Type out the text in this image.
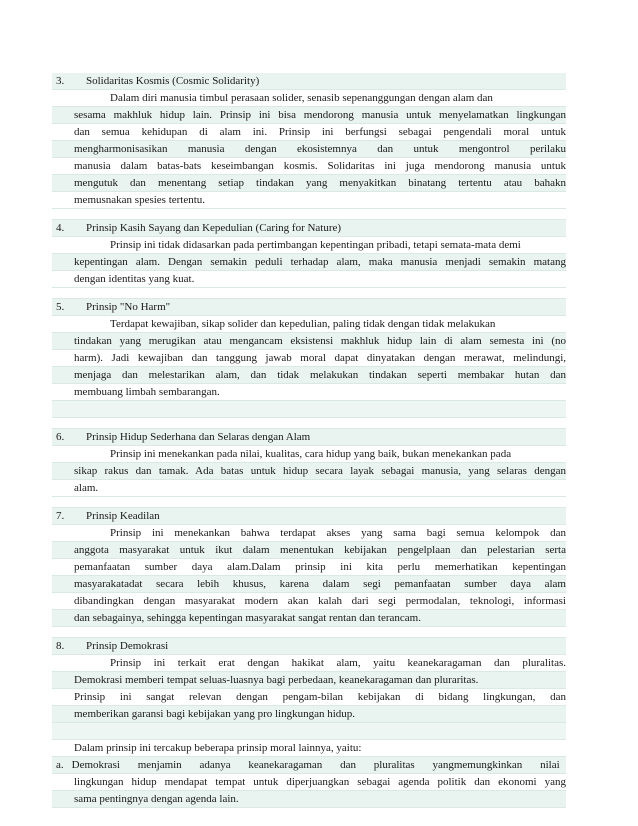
3. Solidaritas Kosmis (Cosmic Solidarity)
Dalam diri manusia timbul perasaan solider, senasib sepenanggungan dengan alam dan
sesama makhluk hidup lain. Prinsip ini bisa mendorong manusia untuk menyelamatkan lingkungan
dan semua kehidupan di alam ini. Prinsip ini berfungsi sebagai pengendali moral untuk
mengharmonisasikan manusia dengan ekosistemnya dan untuk mengontrol perilaku
manusia dalam batas-bats keseimbangan kosmis. Solidaritas ini juga mendorong manusia untuk
mengutuk dan menentang setiap tindakan yang menyakitkan binatang tertentu atau bahakn
memusnakan spesies tertentu.
4. Prinsip Kasih Sayang dan Kepedulian (Caring for Nature)
Prinsip ini tidak didasarkan pada pertimbangan kepentingan pribadi, tetapi semata-mata demi
kepentingan alam. Dengan semakin peduli terhadap alam, maka manusia menjadi semakin matang
dengan identitas yang kuat.
5. Prinsip "No Harm"
Terdapat kewajiban, sikap solider dan kepedulian, paling tidak dengan tidak melakukan
tindakan yang merugikan atau mengancam eksistensi makhluk hidup lain di alam semesta ini (no
harm). Jadi kewajiban dan tanggung jawab moral dapat dinyatakan dengan merawat, melindungi,
menjaga dan melestarikan alam, dan tidak melakukan tindakan seperti membakar hutan dan
membuang limbah sembarangan.
6. Prinsip Hidup Sederhana dan Selaras dengan Alam
Prinsip ini menekankan pada nilai, kualitas, cara hidup yang baik, bukan menekankan pada
sikap rakus dan tamak. Ada batas untuk hidup secara layak sebagai manusia, yang selaras dengan
alam.
7. Prinsip Keadilan
Prinsip ini menekankan bahwa terdapat akses yang sama bagi semua kelompok dan
anggota masyarakat untuk ikut dalam menentukan kebijakan pengelplaan dan pelestarian serta
pemanfaatan sumber daya alam.Dalam prinsip ini kita perlu memerhatikan kepentingan
masyarakatadat secara lebih khusus, karena dalam segi pemanfaatan sumber daya alam
dibandingkan dengan masyarakat modern akan kalah dari segi permodalan, teknologi, informasi
dan sebagainya, sehingga kepentingan masyarakat sangat rentan dan terancam.
8. Prinsip Demokrasi
Prinsip ini terkait erat dengan hakikat alam, yaitu keanekaragaman dan pluralitas.
Demokrasi memberi tempat seluas-luasnya bagi perbedaan, keanekaragaman dan pluraritas.
Prinsip ini sangat relevan dengan pengam-bilan kebijakan di bidang lingkungan, dan
memberikan garansi bagi kebijakan yang pro lingkungan hidup.
Dalam prinsip ini tercakup beberapa prinsip moral lainnya, yaitu:
a. Demokrasi menjamin adanya keanekaragaman dan pluralitas yangmemungkinkan nilai
lingkungan hidup mendapat tempat untuk diperjuangkan sebagai agenda politik dan ekonomi yang
sama pentingnya dengan agenda lain.
